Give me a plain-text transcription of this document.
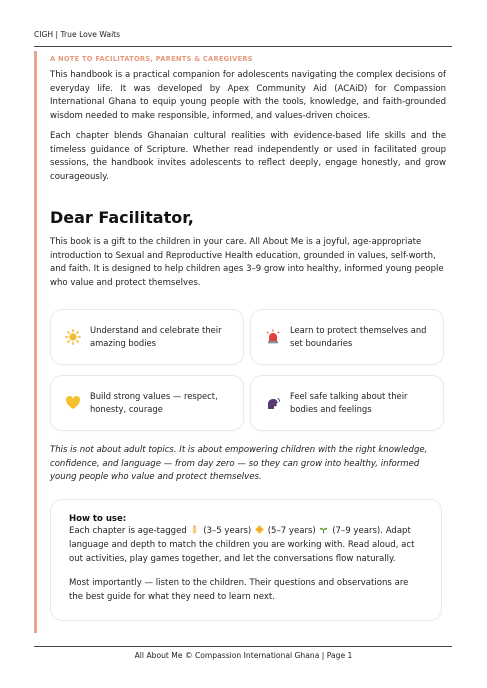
CIGH | True Love Waits
A NOTE TO FACILITATORS, PARENTS & CAREGIVERS

This handbook is a practical companion for adolescents navigating the complex decisions of everyday life. It was developed by Apex Community Aid (ACAiD) for Compassion International Ghana to equip young people with the tools, knowledge, and faith-grounded wisdom needed to make responsible, informed, and values-driven choices.

Each chapter blends Ghanaian cultural realities with evidence-based life skills and the timeless guidance of Scripture. Whether read independently or used in facilitated group sessions, the handbook invites adolescents to reflect deeply, engage honestly, and grow courageously.

Dear Facilitator,

This book is a gift to the children in your care. All About Me is a joyful, age-appropriate introduction to Sexual and Reproductive Health education, grounded in values, self-worth, and faith. It is designed to help children ages 3–9 grow into healthy, informed young people who value and protect themselves.

Understand and celebrate their amazing bodies
Learn to protect themselves and set boundaries
Build strong values — respect, honesty, courage
Feel safe talking about their bodies and feelings
This is not about adult topics. It is about empowering children with the right knowledge, confidence, and language — from day zero — so they can grow into healthy, informed young people who value and protect themselves.
How to use:

Each chapter is age-tagged (3–5 years) (5–7 years) (7–9 years). Adapt language and depth to match the children you are working with. Read aloud, act out activities, play games together, and let the conversations flow naturally.

Most importantly — listen to the children. Their questions and observations are the best guide for what they need to learn next.

All About Me © Compassion International Ghana | Page 1
